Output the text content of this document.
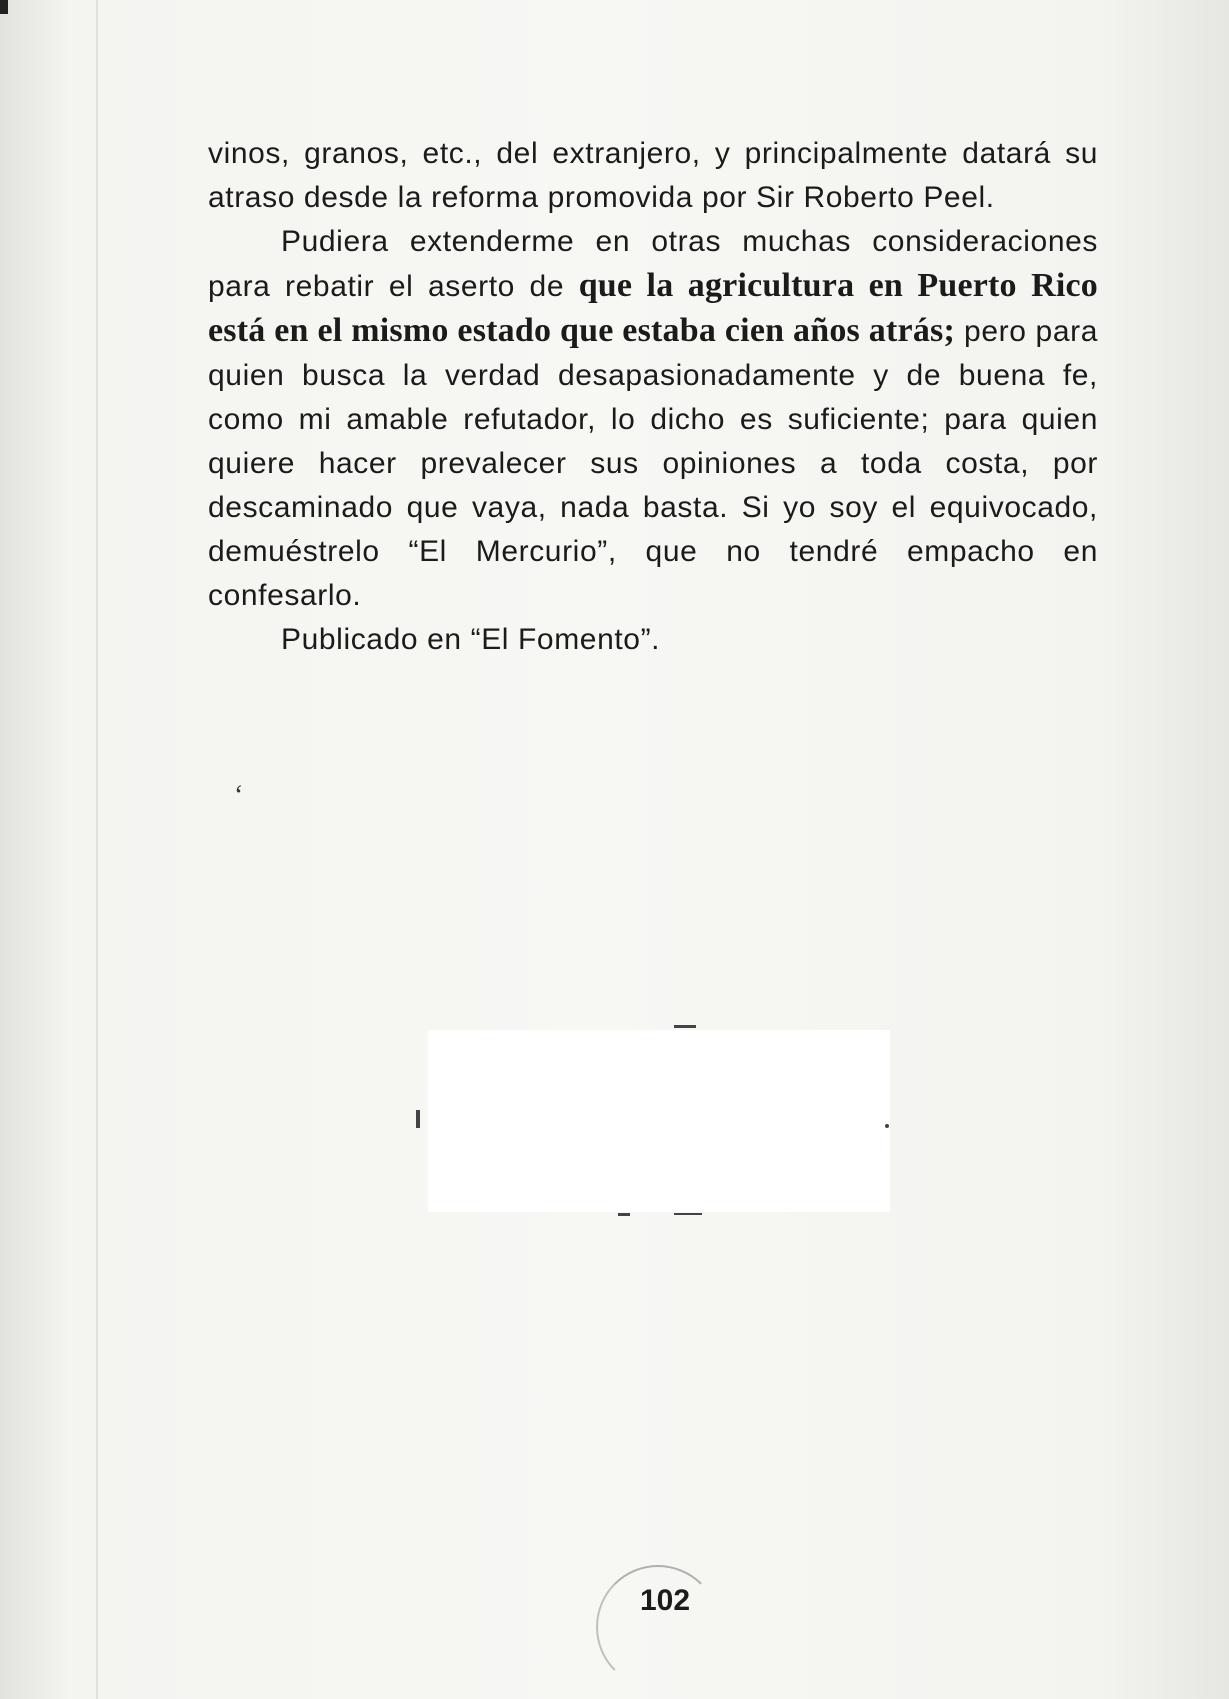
vinos, granos, etc., del extranjero, y principalmente datará su atraso desde la reforma promovida por Sir Roberto Peel.

Pudiera extenderme en otras muchas consideraciones para rebatir el aserto de que la agricultura en Puerto Rico está en el mismo estado que estaba cien años atrás; pero para quien busca la verdad desapasionadamente y de buena fe, como mi amable refutador, lo dicho es suficiente; para quien quiere hacer prevalecer sus opiniones a toda costa, por descaminado que vaya, nada basta. Si yo soy el equivocado, demuéstrelo “El Mercurio”, que no tendré empacho en confesarlo.

Publicado en “El Fomento”.

‘
102
